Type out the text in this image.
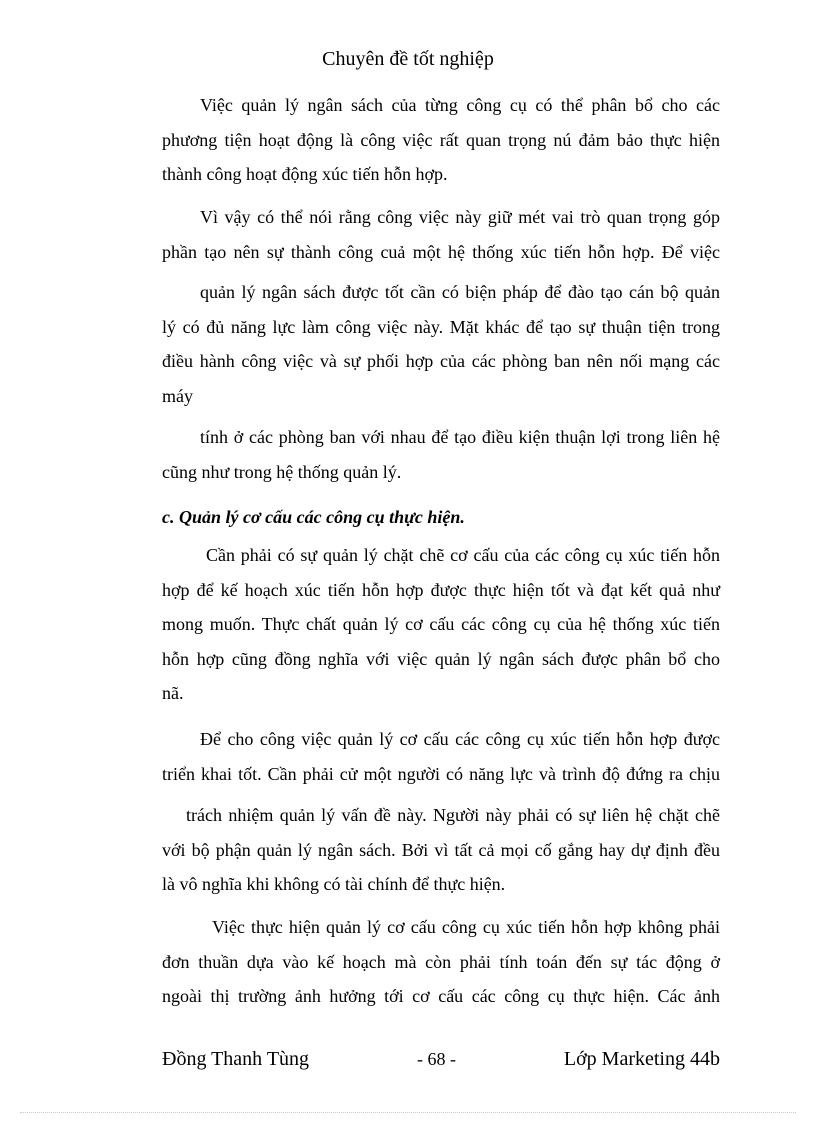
Chuyên đề tốt nghiệp
Việc quản lý ngân sách của từng công cụ có thể phân bổ cho các
phương tiện hoạt động là công việc rất quan trọng nú đảm bảo thực hiện
thành công hoạt động xúc tiến hỗn hợp.
Vì vậy có thể nói rằng công việc này giữ mét vai trò quan trọng góp
phần tạo nên sự thành công cuả một hệ thống xúc tiến hỗn hợp. Để việc
quản lý ngân sách được tốt cần có biện pháp để đào tạo cán bộ quản
lý có đủ năng lực làm công việc này. Mặt khác để tạo sự thuận tiện trong
điều hành công việc và sự phối hợp của các phòng ban nên nối mạng các
máy
tính ở các phòng ban với nhau để tạo điều kiện thuận lợi trong liên hệ
cũng như trong hệ thống quản lý.
c. Quản lý cơ cấu các công cụ thực hiện.
Cần phải có sự quản lý chặt chẽ cơ cấu của các công cụ xúc tiến hỗn
hợp để kế hoạch xúc tiến hỗn hợp được thực hiện tốt và đạt kết quả như
mong muốn. Thực chất quản lý cơ cấu các công cụ của hệ thống xúc tiến
hỗn hợp cũng đồng nghĩa với việc quản lý ngân sách được phân bổ cho
nã.
Để cho công việc quản lý cơ cấu các công cụ xúc tiến hỗn hợp được
triển khai tốt. Cần phải cử một người có năng lực và trình độ đứng ra chịu
trách nhiệm quản lý vấn đề này. Người này phải có sự liên hệ chặt chẽ
với bộ phận quản lý ngân sách. Bởi vì tất cả mọi cố gắng hay dự định đều
là vô nghĩa khi không có tài chính để thực hiện.
Việc thực hiện quản lý cơ cấu công cụ xúc tiến hỗn hợp không phải
đơn thuần dựa vào kế hoạch mà còn phải tính toán đến sự tác động ở
ngoài thị trường ảnh hưởng tới cơ cấu các công cụ thực hiện. Các ảnh
Đồng Thanh Tùng	- 68 -	Lớp Marketing 44b
